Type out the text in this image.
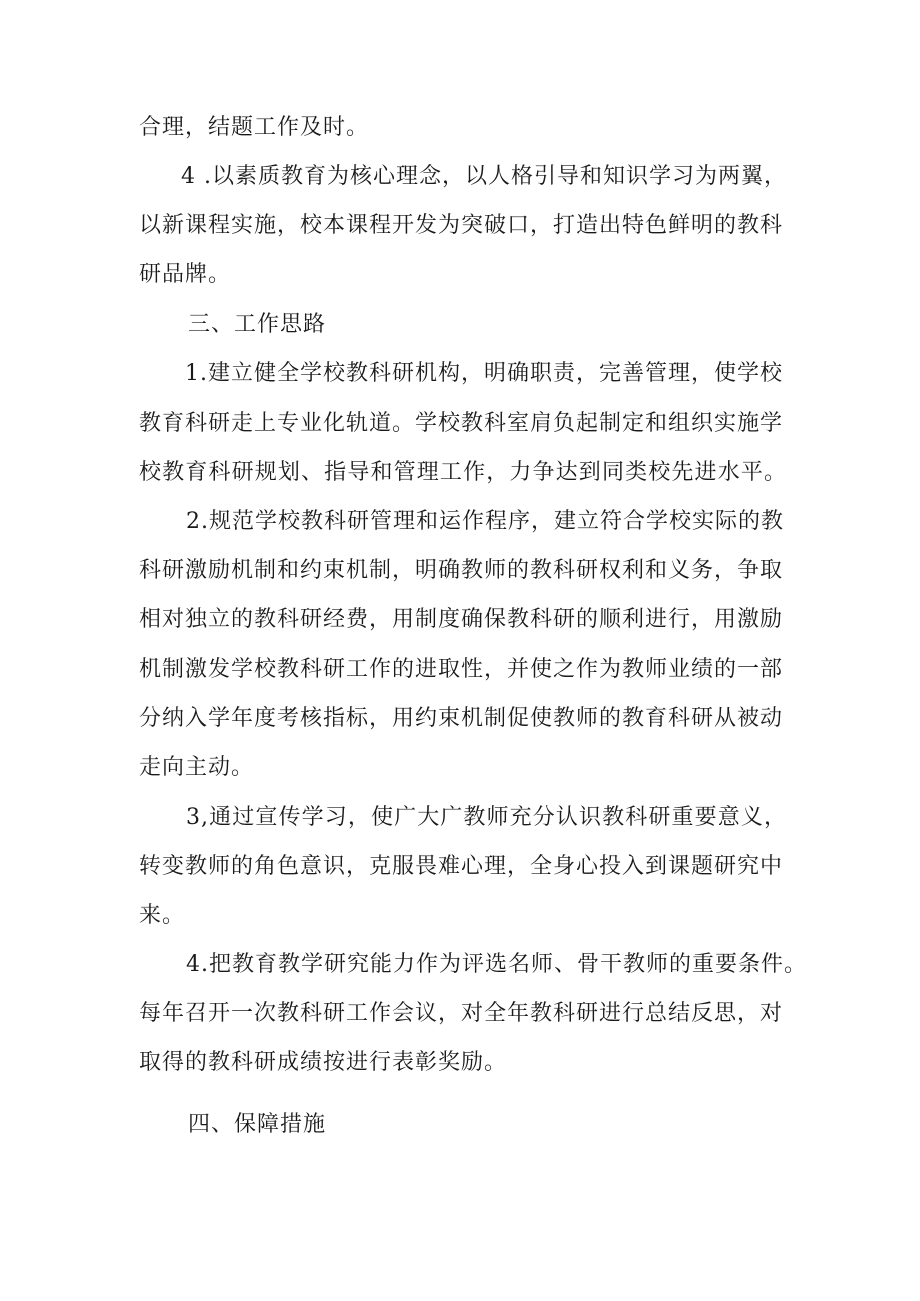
合理，结题工作及时。
4 .以素质教育为核心理念，以人格引导和知识学习为两翼，
以新课程实施，校本课程开发为突破口，打造出特色鲜明的教科
研品牌。
三、工作思路
1.建立健全学校教科研机构，明确职责，完善管理，使学校
教育科研走上专业化轨道。学校教科室肩负起制定和组织实施学
校教育科研规划、指导和管理工作，力争达到同类校先进水平。
2.规范学校教科研管理和运作程序，建立符合学校实际的教
科研激励机制和约束机制，明确教师的教科研权利和义务，争取
相对独立的教科研经费，用制度确保教科研的顺利进行，用激励
机制激发学校教科研工作的进取性，并使之作为教师业绩的一部
分纳入学年度考核指标，用约束机制促使教师的教育科研从被动
走向主动。
3,通过宣传学习，使广大广教师充分认识教科研重要意义，
转变教师的角色意识，克服畏难心理，全身心投入到课题研究中
来。
4.把教育教学研究能力作为评选名师、骨干教师的重要条件。
每年召开一次教科研工作会议，对全年教科研进行总结反思，对
取得的教科研成绩按进行表彰奖励。
四、保障措施
